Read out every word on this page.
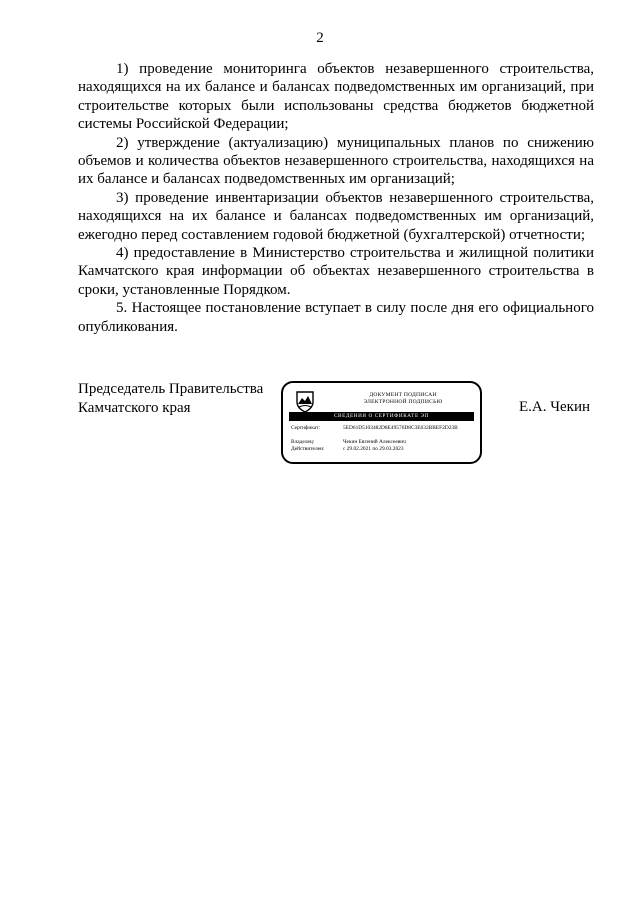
2

1) проведение мониторинга объектов незавершенного строительства, находящихся на их балансе и балансах подведомственных им организаций, при строительстве которых были использованы средства бюджетов бюджетной системы Российской Федерации;

2) утверждение (актуализацию) муниципальных планов по снижению объемов и количества объектов незавершенного строительства, находящихся на их балансе и балансах подведомственных им организаций;

3) проведение инвентаризации объектов незавершенного строительства, находящихся на их балансе и балансах подведомственных им организаций, ежегодно перед составлением годовой бюджетной (бухгалтерской) отчетности;

4) предоставление в Министерство строительства и жилищной политики Камчатского края информации об объектах незавершенного строительства в сроки, установленные Порядком.

5. Настоящее постановление вступает в силу после дня его официального опубликования.

Председатель Правительства
Камчатского края	Е.А. Чекин
ДОКУМЕНТ ПОДПИСАН
ЭЛЕКТРОННОЙ ПОДПИСЬЮ
СВЕДЕНИЯ О СЕРТИФИКАТЕ ЭП
Сертификат:	5ED61D5103482D8E49576D8C3E632BBEF2D23B
Владелец:	Чекин Евгений Алексеевич
Действителен:	с 29.02.2021 по 29.03.2023
